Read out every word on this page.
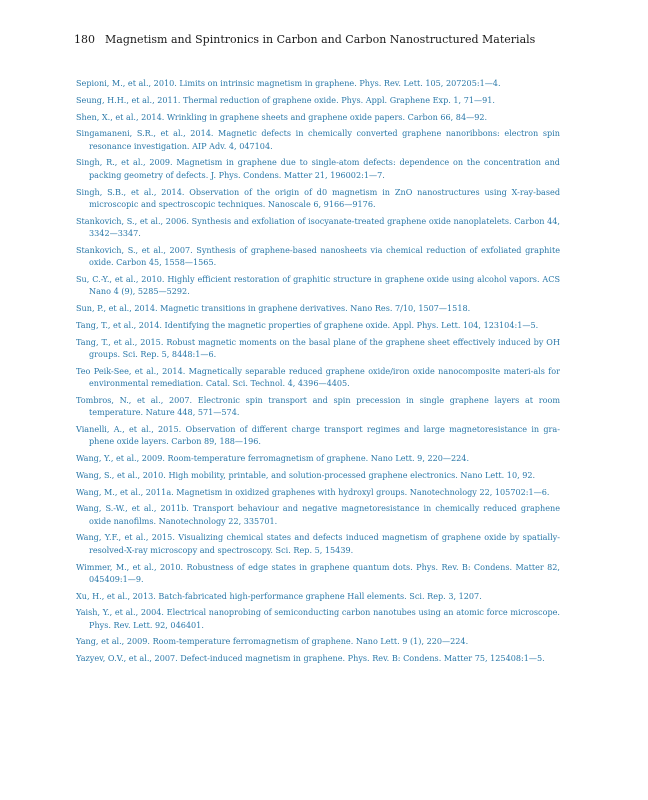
180 Magnetism and Spintronics in Carbon and Carbon Nanostructured Materials

Sepioni, M., et al., 2010. Limits on intrinsic magnetism in graphene. Phys. Rev. Lett. 105, 207205:1—4.

Seung, H.H., et al., 2011. Thermal reduction of graphene oxide. Phys. Appl. Graphene Exp. 1, 71—91.

Shen, X., et al., 2014. Wrinkling in graphene sheets and graphene oxide papers. Carbon 66, 84—92.

Singamaneni, S.R., et al., 2014. Magnetic defects in chemically converted graphene nanoribbons: electron spin resonance investigation. AIP Adv. 4, 047104.

Singh, R., et al., 2009. Magnetism in graphene due to single-atom defects: dependence on the concentration and packing geometry of defects. J. Phys. Condens. Matter 21, 196002:1—7.

Singh, S.B., et al., 2014. Observation of the origin of d0 magnetism in ZnO nanostructures using X-ray-based microscopic and spectroscopic techniques. Nanoscale 6, 9166—9176.

Stankovich, S., et al., 2006. Synthesis and exfoliation of isocyanate-treated graphene oxide nanoplatelets. Carbon 44, 3342—3347.

Stankovich, S., et al., 2007. Synthesis of graphene-based nanosheets via chemical reduction of exfoliated graphite oxide. Carbon 45, 1558—1565.

Su, C.-Y., et al., 2010. Highly efficient restoration of graphitic structure in graphene oxide using alcohol vapors. ACS Nano 4 (9), 5285—5292.

Sun, P., et al., 2014. Magnetic transitions in graphene derivatives. Nano Res. 7/10, 1507—1518.

Tang, T., et al., 2014. Identifying the magnetic properties of graphene oxide. Appl. Phys. Lett. 104, 123104:1—5.

Tang, T., et al., 2015. Robust magnetic moments on the basal plane of the graphene sheet effectively induced by OH groups. Sci. Rep. 5, 8448:1—6.

Teo Peik-See, et al., 2014. Magnetically separable reduced graphene oxide/iron oxide nanocomposite materi-als for environmental remediation. Catal. Sci. Technol. 4, 4396—4405.

Tombros, N., et al., 2007. Electronic spin transport and spin precession in single graphene layers at room temperature. Nature 448, 571—574.

Vianelli, A., et al., 2015. Observation of different charge transport regimes and large magnetoresistance in gra-phene oxide layers. Carbon 89, 188—196.

Wang, Y., et al., 2009. Room-temperature ferromagnetism of graphene. Nano Lett. 9, 220—224.

Wang, S., et al., 2010. High mobility, printable, and solution-processed graphene electronics. Nano Lett. 10, 92.

Wang, M., et al., 2011a. Magnetism in oxidized graphenes with hydroxyl groups. Nanotechnology 22, 105702:1—6.

Wang, S.-W., et al., 2011b. Transport behaviour and negative magnetoresistance in chemically reduced graphene oxide nanofilms. Nanotechnology 22, 335701.

Wang, Y.F., et al., 2015. Visualizing chemical states and defects induced magnetism of graphene oxide by spatially-resolved-X-ray microscopy and spectroscopy. Sci. Rep. 5, 15439.

Wimmer, M., et al., 2010. Robustness of edge states in graphene quantum dots. Phys. Rev. B: Condens. Matter 82, 045409:1—9.

Xu, H., et al., 2013. Batch-fabricated high-performance graphene Hall elements. Sci. Rep. 3, 1207.

Yaish, Y., et al., 2004. Electrical nanoprobing of semiconducting carbon nanotubes using an atomic force microscope. Phys. Rev. Lett. 92, 046401.

Yang, et al., 2009. Room-temperature ferromagnetism of graphene. Nano Lett. 9 (1), 220—224.

Yazyev, O.V., et al., 2007. Defect-induced magnetism in graphene. Phys. Rev. B: Condens. Matter 75, 125408:1—5.
